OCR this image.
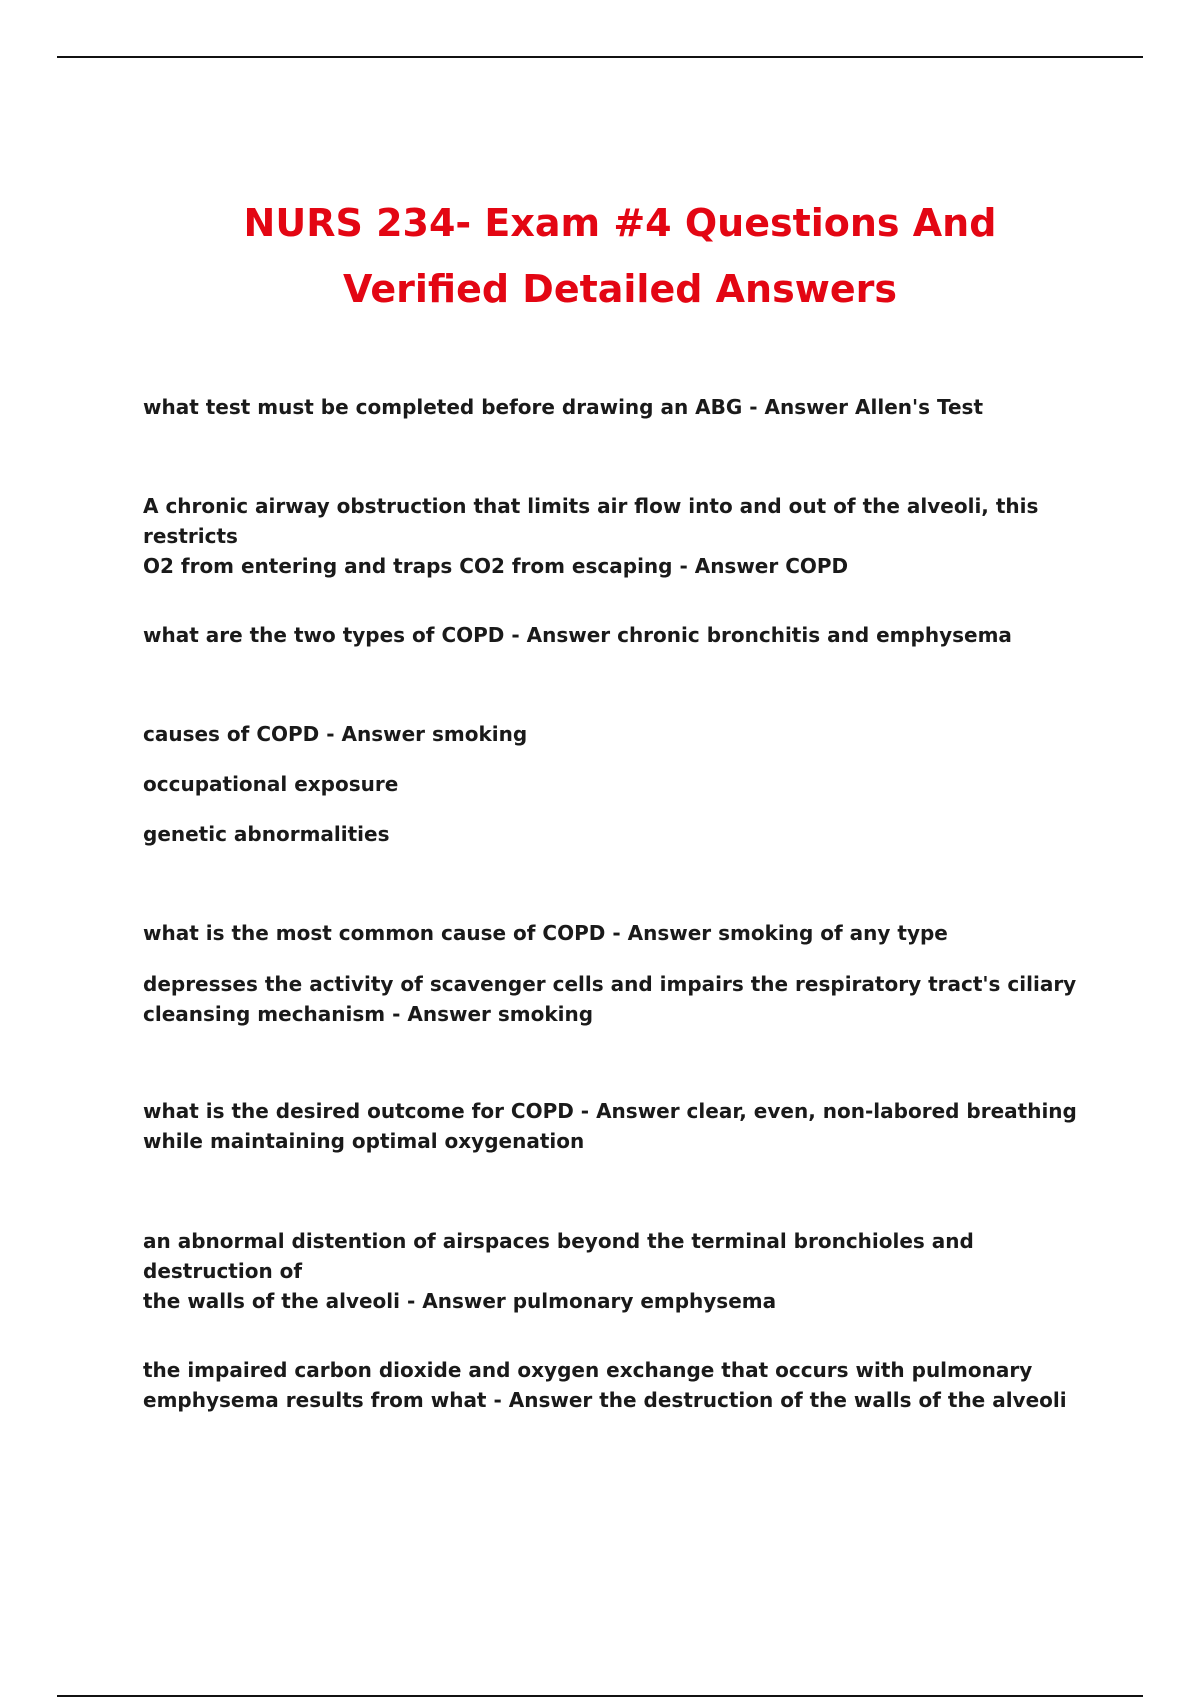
NURS 234- Exam #4 Questions And
Verified Detailed Answers

what test must be completed before drawing an ABG - Answer Allen's Test

A chronic airway obstruction that limits air flow into and out of the alveoli, this restricts
O2 from entering and traps CO2 from escaping - Answer COPD

what are the two types of COPD - Answer chronic bronchitis and emphysema

causes of COPD - Answer smoking

occupational exposure

genetic abnormalities

what is the most common cause of COPD - Answer smoking of any type

depresses the activity of scavenger cells and impairs the respiratory tract's ciliary
cleansing mechanism - Answer smoking

what is the desired outcome for COPD - Answer clear, even, non-labored breathing
while maintaining optimal oxygenation

an abnormal distention of airspaces beyond the terminal bronchioles and destruction of
the walls of the alveoli - Answer pulmonary emphysema

the impaired carbon dioxide and oxygen exchange that occurs with pulmonary
emphysema results from what - Answer the destruction of the walls of the alveoli
